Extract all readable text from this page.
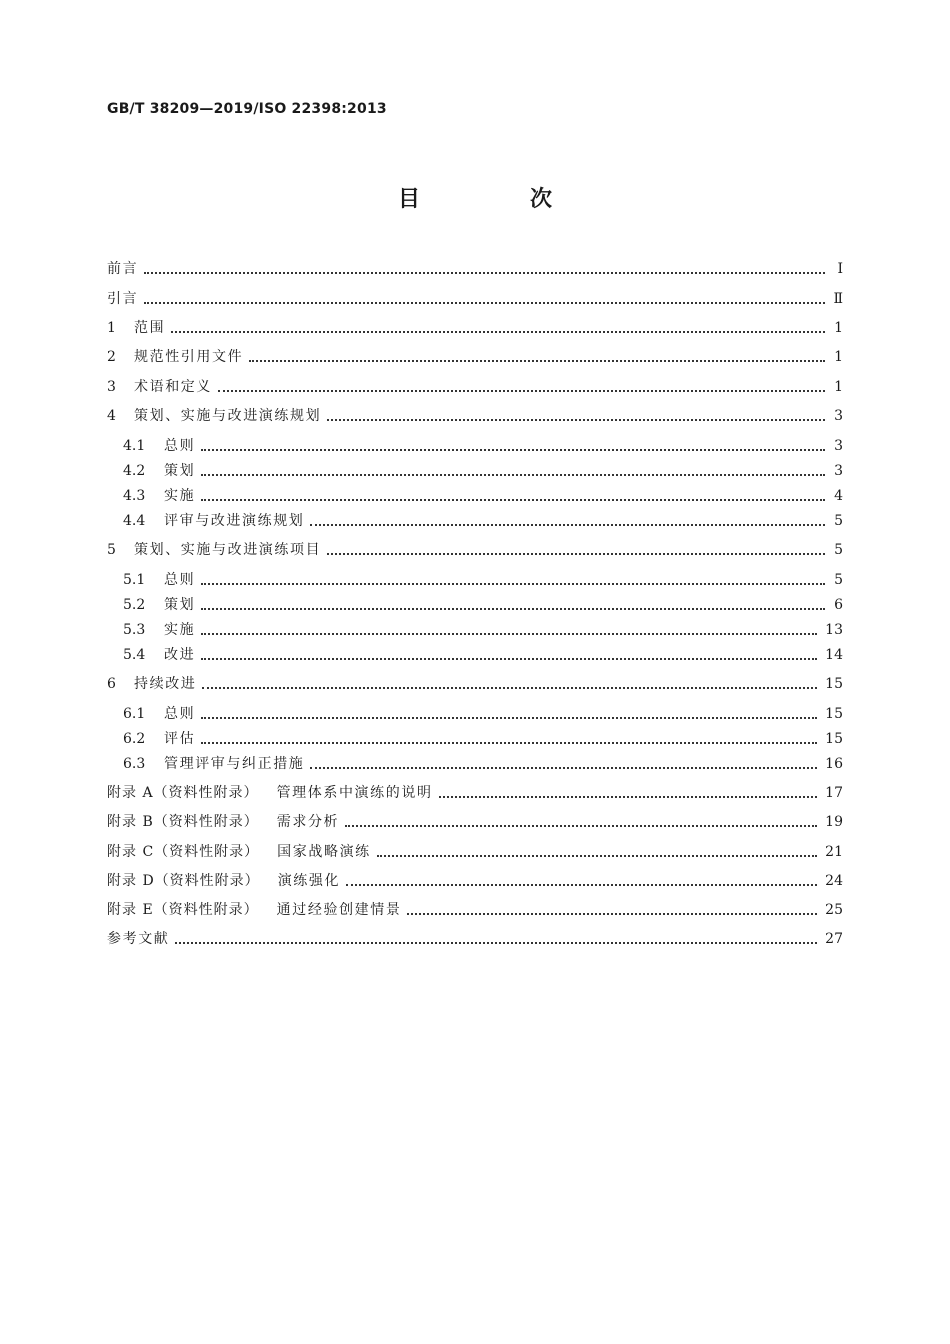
GB/T 38209—2019/ISO 22398:2013
目　次
前言	Ⅰ
引言	Ⅱ
1	范围	1
2	规范性引用文件	1
3	术语和定义	1
4	策划、实施与改进演练规划	3
4.1	总则	3
4.2	策划	3
4.3	实施	4
4.4	评审与改进演练规划	5
5	策划、实施与改进演练项目	5
5.1	总则	5
5.2	策划	6
5.3	实施	13
5.4	改进	14
6	持续改进	15
6.1	总则	15
6.2	评估	15
6.3	管理评审与纠正措施	16
附录 A（资料性附录） 管理体系中演练的说明	17
附录 B（资料性附录） 需求分析	19
附录 C（资料性附录） 国家战略演练	21
附录 D（资料性附录） 演练强化	24
附录 E（资料性附录） 通过经验创建情景	25
参考文献	27
